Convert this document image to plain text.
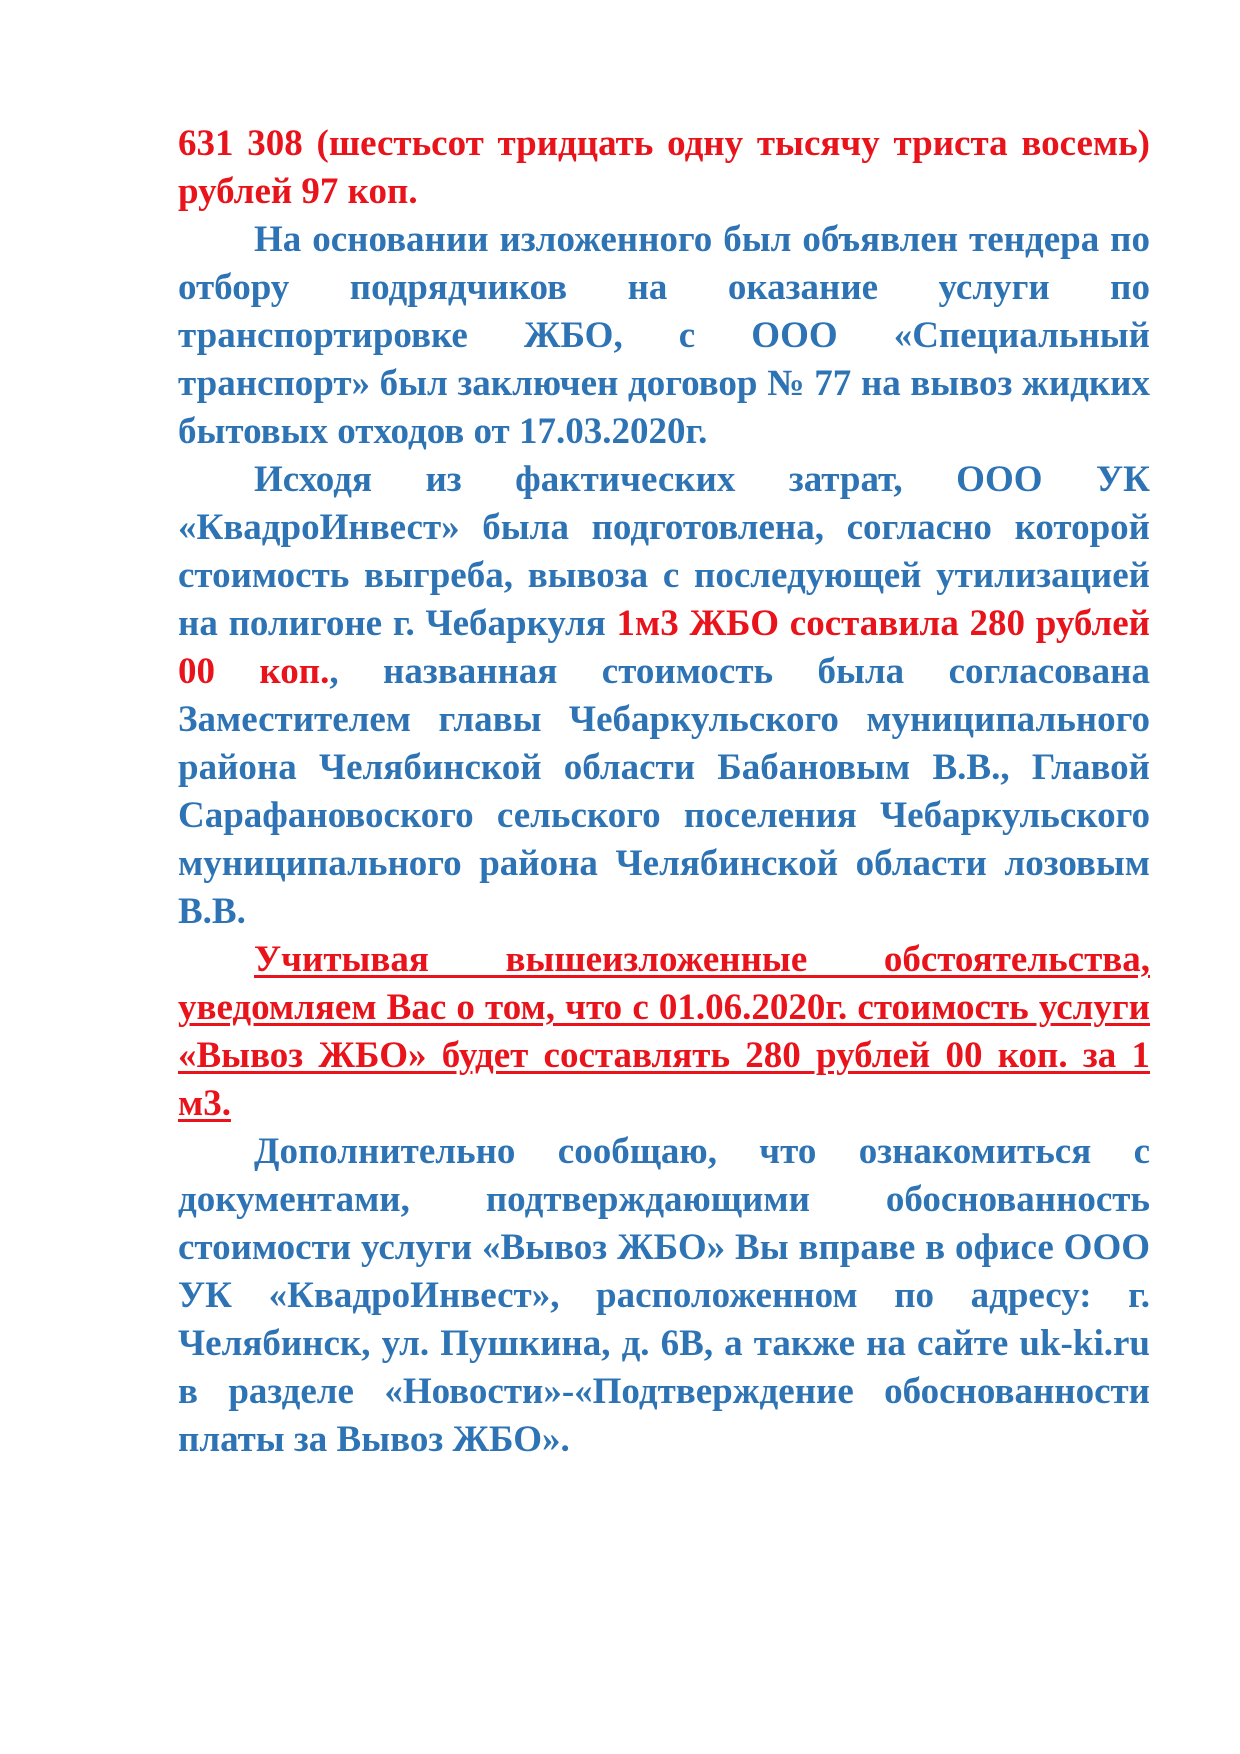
631 308 (шестьсот тридцать одну тысячу триста восемь) рублей 97 коп.

На основании изложенного был объявлен тендера по отбору подрядчиков на оказание услуги по транспортировке ЖБО, с ООО «Специальный транспорт» был заключен договор № 77 на вывоз жидких бытовых отходов от 17.03.2020г.

Исходя из фактических затрат, ООО УК «КвадроИнвест» была подготовлена, согласно которой стоимость выгреба, вывоза с последующей утилизацией на полигоне г. Чебаркуля 1м3 ЖБО составила 280 рублей 00 коп., названная стоимость была согласована Заместителем главы Чебаркульского муниципального района Челябинской области Бабановым В.В., Главой Сарафановоского сельского поселения Чебаркульского муниципального района Челябинской области лозовым В.В.

Учитывая вышеизложенные обстоятельства, уведомляем Вас о том, что с 01.06.2020г. стоимость услуги «Вывоз ЖБО» будет составлять 280 рублей 00 коп. за 1 м3.

Дополнительно сообщаю, что ознакомиться с документами, подтверждающими обоснованность стоимости услуги «Вывоз ЖБО» Вы вправе в офисе ООО УК «КвадроИнвест», расположенном по адресу: г. Челябинск, ул. Пушкина, д. 6В, а также на сайте uk-ki.ru в разделе «Новости»-«Подтверждение обоснованности платы за Вывоз ЖБО».
